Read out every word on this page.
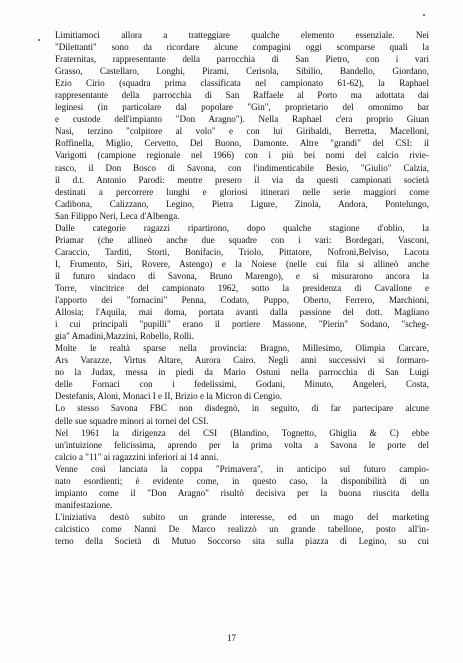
Limitiamoci allora a tratteggiare qualche elemento essenziale. Nei
"Dilettanti" sono da ricordare alcune compagini oggi scomparse quali la
Fraternitas, rappresentante della parrocchia di San Pietro, con i vari
Grasso, Castellaro, Longhi, Pirami, Cerisola, Sibilio, Bandello, Giordano,
Ezio Cirio (squadra prima classificata nel campionato 61-62), la Raphael
rappresentante della parrocchia di San Raffaele al Porto ma adottata dai
leginesi (in particolare dal popolare "Gin", proprietario del omonimo bar
e custode dell'impianto "Don Aragno"). Nella Raphael c'era proprio Giuan
Nasi, terzino "colpitore al volo" e con lui Giribaldi, Berretta, Macelloni,
Roffinella, Miglio, Cervetto, Del Buono, Damonte. Altre "grandi" del CSI: il
Varigotti (campione regionale nel 1966) con i più bei nomi del calcio rivie-
rasco, il Don Bosco di Savona, con l'indimenticabile Besio, "Giulio" Calzia,
il d.t. Antonio Parodi: mentre presero il via da questi campionati società
destinati a percorrere lunghi e gloriosi itinerari nelle serie maggiori come
Cadibona, Calizzano, Legino, Pietra Ligure, Zinola, Andora, Pontelungo,
San Filippo Neri, Leca d'Albenga.
Dalle categorie ragazzi ripartirono, dopo qualche stagione d'oblio, la
Priamar (che allineò anche due squadre con i vari: Bordegari, Vasconi,
Caraccio, Tarditi, Storti, Bonifacio, Triolo, Pittatore, Nofroni,Belviso, Lacota
I, Frumento, Siri, Rovere, Astengo) e la Noiese (nelle cui fila si allineò anche
il futuro sindaco di Savona, Bruno Marengo), e si misurarono ancora la
Torre, vincitrice del campionato 1962, sotto la presidenza di Cavallone e
l'apporto dei "fornacini" Penna, Codato, Puppo, Oberto, Ferrero, Marchioni,
Allosia; l'Aquila, mai doma, portata avanti dalla passione del dott. Magliano
i cui principali "pupilli" erano il portiere Massone, "Pierin" Sodano, "scheg-
gia" Amadini,Mazzini, Robello, Rolli.
Molte le realtà sparse nella provincia: Bragno, Millesimo, Olimpia Carcare,
Ars Varazze, Virtus Altare, Aurora Cairo. Negli anni successivi si formaro-
no la Judax, messa in piedi da Mario Ostuni nella parrocchia di San Luigi
delle Fornaci con i fedelissimi, Godani, Minuto, Angeleri, Costa,
Destefanis, Aloni, Monaci I e II, Brizio e la Micron di Cengio.
Lo stesso Savona FBC non disdegnò, in seguito, di far partecipare alcune
delle sue squadre minori ai tornei del CSI.
Nel 1961 la dirigenza del CSI (Blandino, Tognetto, Ghiglia & C) ebbe
un'intuizione felicissima, aprendo per la prima volta a Savona le porte del
calcio a "11" ai ragazzini inferiori ai 14 anni.
Venne così lanciata la coppa "Primavera", in anticipo sul futuro campio-
nato esordienti; è evidente come, in questo caso, la disponibilità di un
impianto come il "Don Aragno" risultò decisiva per la buona riuscita della
manifestazione.
L'iniziativa destò subito un grande interesse, ed un mago del marketing
calcistico come Nanni De Marco realizzò un grande tabellone, posto all'in-
terno della Società di Mutuo Soccorso sita sulla piazza di Legino, su cui
17
